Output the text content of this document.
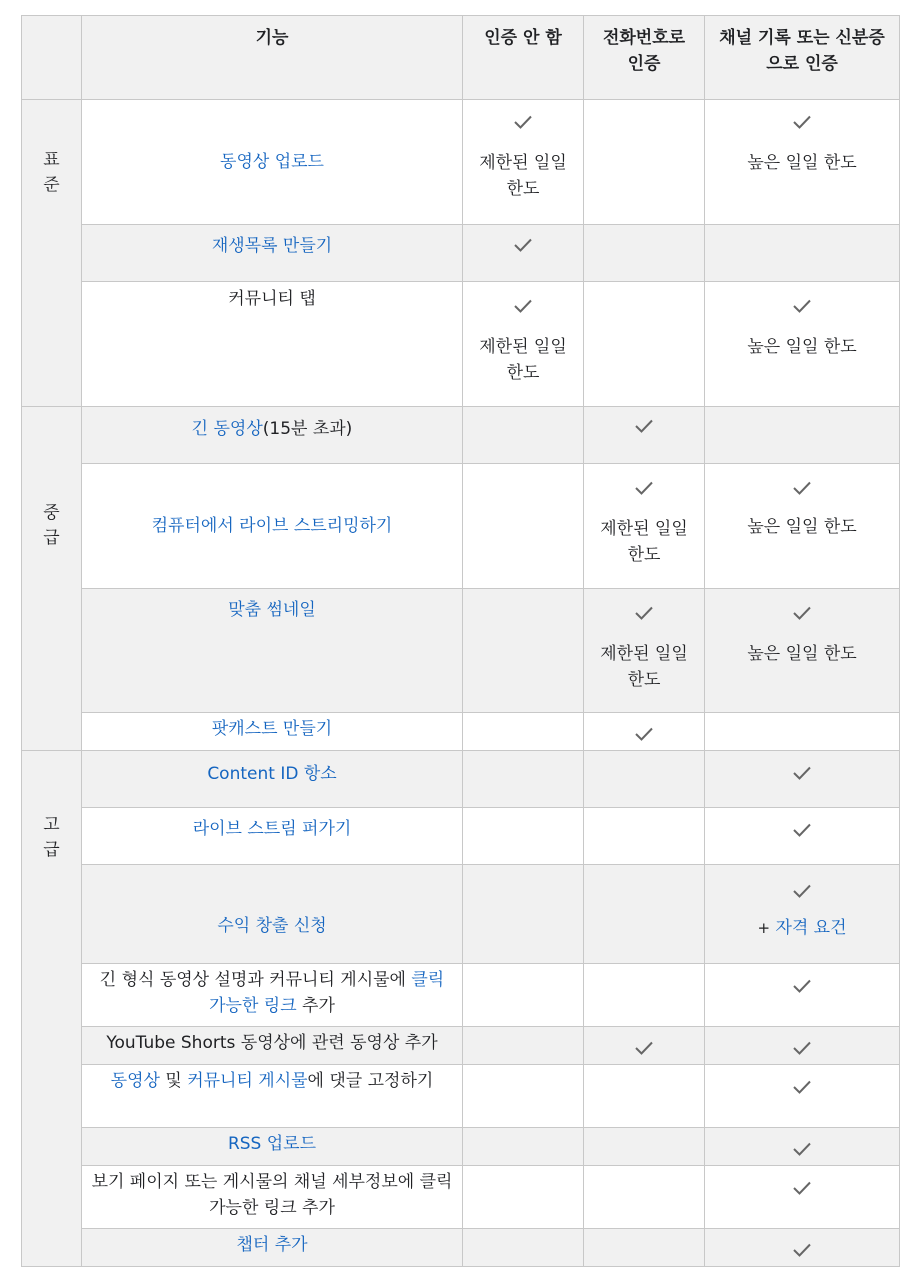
	기능	인증 안 함	전화번호로 인증	채널 기록 또는 신분증으로 인증

표준	동영상 업로드	제한된 일일 한도		높은 일일 한도

	재생목록 만들기	

	커뮤니티 탭	제한된 일일 한도		높은 일일 한도

중급	긴 동영상(15분 초과)		

	컴퓨터에서 라이브 스트리밍하기		제한된 일일 한도	높은 일일 한도

	맞춤 썸네일		제한된 일일 한도	높은 일일 한도

	팟캐스트 만들기		

고급	Content ID 항소			

	라이브 스트림 퍼가기			

	수익 창출 신청			+ 자격 요건

	긴 형식 동영상 설명과 커뮤니티 게시물에 클릭 가능한 링크 추가			

	YouTube Shorts 동영상에 관련 동영상 추가		

	동영상 및 커뮤니티 게시물에 댓글 고정하기			

	RSS 업로드			

	보기 페이지 또는 게시물의 채널 세부정보에 클릭 가능한 링크 추가			

	챕터 추가			
